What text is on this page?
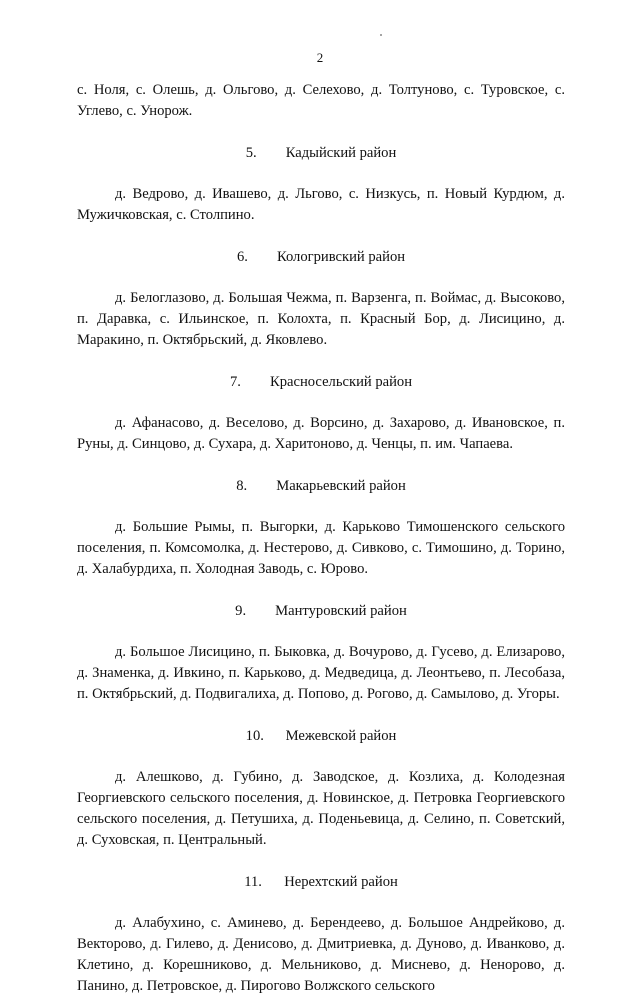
2

с. Ноля, с. Олешь, д. Ольгово, д. Селехово, д. Толтуново, с. Туровское, с. Углево, с. Унорож.

5.	Кадыйский район

д. Ведрово, д. Ивашево, д. Льгово, с. Низкусь, п. Новый Курдюм, д. Мужичковская, с. Столпино.

6.	Кологривский район

д. Белоглазово, д. Большая Чежма, п. Варзенга, п. Воймас, д. Высоково, п. Даравка, с. Ильинское, п. Колохта, п. Красный Бор, д. Лисицино, д. Маракино, п. Октябрьский, д. Яковлево.

7.	Красносельский район

д. Афанасово, д. Веселово, д. Ворсино, д. Захарово, д. Ивановское, п. Руны, д. Синцово, д. Сухара, д. Харитоново, д. Ченцы, п. им. Чапаева.

8.	Макарьевский район

д. Большие Рымы, п. Выгорки, д. Карьково Тимошенского сельского поселения, п. Комсомолка, д. Нестерово, д. Сивково, с. Тимошино, д. Торино, д. Халабурдиха, п. Холодная Заводь, с. Юрово.

9.	Мантуровский район

д. Большое Лисицино, п. Быковка, д. Вочурово, д. Гусево, д. Елизарово, д. Знаменка, д. Ивкино, п. Карьково, д. Медведица, д. Леонтьево, п. Лесобаза, п. Октябрьский, д. Подвигалиха, д. Попово, д. Рогово, д. Самылово, д. Угоры.

10.	Межевской район

д. Алешково, д. Губино, д. Заводское, д. Козлиха, д. Колодезная Георгиевского сельского поселения, д. Новинское, д. Петровка Георгиевского сельского поселения, д. Петушиха, д. Поденьевица, д. Селино, п. Советский, д. Суховская, п. Центральный.

11.	Нерехтский район

д. Алабухино, с. Аминево, д. Берендеево, д. Большое Андрейково, д. Векторово, д. Гилево, д. Денисово, д. Дмитриевка, д. Дуново, д. Иванково, д. Клетино, д. Корешниково, д. Мельниково, д. Миснево, д. Ненорово, д. Панино, д. Петровское, д. Пирогово Волжского сельского
